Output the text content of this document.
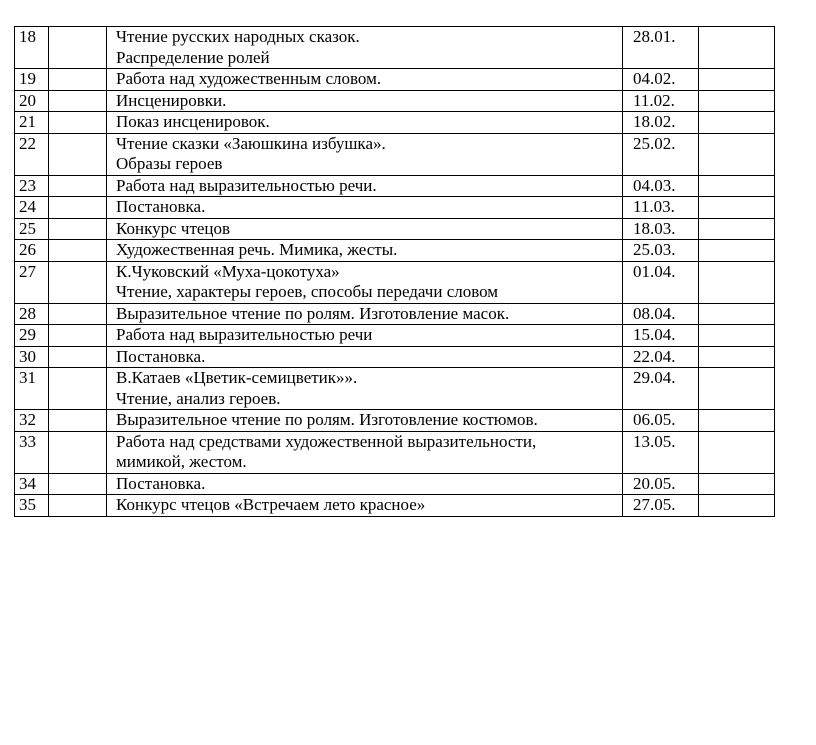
18		Чтение русских народных сказок.
Распределение ролей	28.01.	
19		Работа над художественным словом.	04.02.	
20		Инсценировки.	11.02.	
21		Показ инсценировок.	18.02.	
22		Чтение сказки «Заюшкина избушка».
Образы героев	25.02.	
23		Работа над выразительностью речи.	04.03.	
24		Постановка.	11.03.	
25		Конкурс чтецов	18.03.	
26		Художественная речь. Мимика, жесты.	25.03.	
27		К.Чуковский «Муха-цокотуха»
Чтение, характеры героев, способы передачи словом	01.04.	
28		Выразительное чтение по ролям. Изготовление масок.	08.04.	
29		Работа над выразительностью речи	15.04.	
30		Постановка.	22.04.	
31		В.Катаев «Цветик-семицветик»».
Чтение, анализ героев.	29.04.	
32		Выразительное чтение по ролям. Изготовление костюмов.	06.05.	
33		Работа над средствами художественной выразительности,
мимикой, жестом.	13.05.	
34		Постановка.	20.05.	
35		Конкурс чтецов «Встречаем лето красное»	27.05.	
